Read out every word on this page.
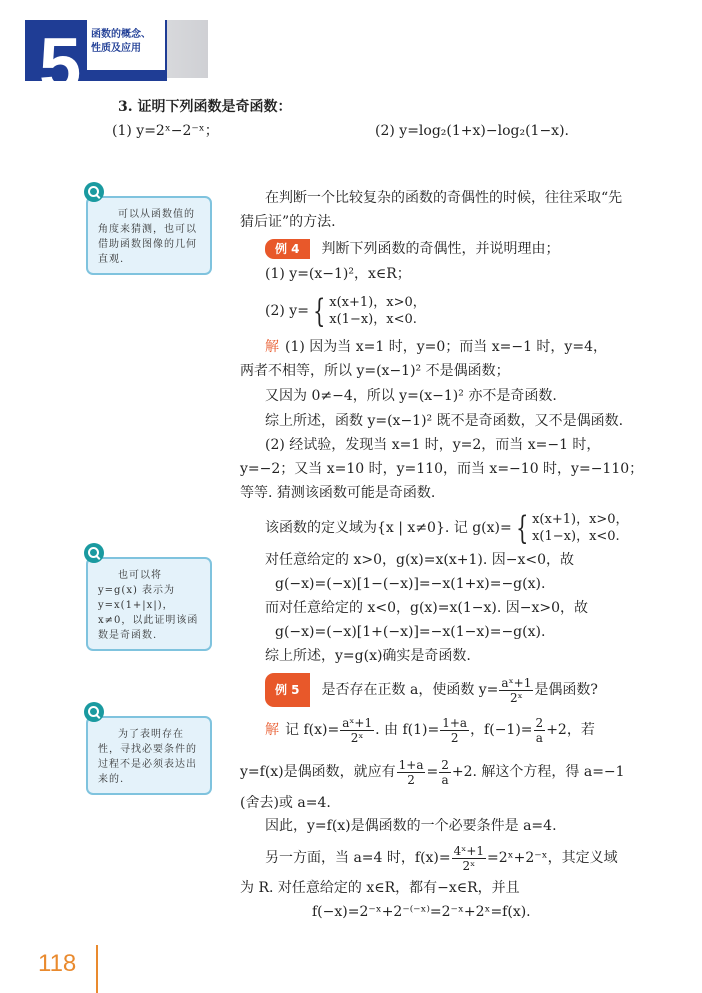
5 函数的概念、
性质及应用
3. 证明下列函数是奇函数：
(1) y=2ˣ−2⁻ˣ；	(2) y=log₂(1+x)−log₂(1−x).
可以从函数值的角度来猜测，也可以借助函数图像的几何直观.
也可以将 y=g(x) 表示为 y=x(1+|x|)，x≠0，以此证明该函数是奇函数.
为了表明存在性，寻找必要条件的过程不是必须表达出来的.
在判断一个比较复杂的函数的奇偶性的时候，往往采取“先
猜后证”的方法.
例 4 判断下列函数的奇偶性，并说明理由；
(1) y=(x−1)²，x∈R；
(2) y= { x(x+1)，x>0，
x(1−x)，x<0.
解 (1) 因为当 x=1 时，y=0；而当 x=−1 时，y=4，
两者不相等，所以 y=(x−1)² 不是偶函数；
又因为 0≠−4，所以 y=(x−1)² 亦不是奇函数.
综上所述，函数 y=(x−1)² 既不是奇函数，又不是偶函数.
(2) 经试验，发现当 x=1 时，y=2，而当 x=−1 时，
y=−2；又当 x=10 时，y=110，而当 x=−10 时，y=−110；
等等. 猜测该函数可能是奇函数.
该函数的定义域为{x | x≠0}. 记 g(x)= { x(x+1)，x>0，
x(1−x)，x<0.
对任意给定的 x>0，g(x)=x(x+1). 因−x<0，故
g(−x)=(−x)[1−(−x)]=−x(1+x)=−g(x).
而对任意给定的 x<0，g(x)=x(1−x). 因−x>0，故
g(−x)=(−x)[1+(−x)]=−x(1−x)=−g(x).
综上所述，y=g(x)确实是奇函数.
例 5 是否存在正数 a，使函数 $y= \frac{\text{aˣ+1}}{\text{2ˣ}}$ 是偶函数?
解 记 $f(x)= \frac{\text{aˣ+1}}{\text{2ˣ}}$ . 由 $f(1)= \frac{1+a}{2}$ ，$f(-1)= \frac{2}{a} +2$，若
y=f(x)是偶函数，就应有 $\frac{1+a}{2} = \frac{2}{a} +2$. 解这个方程，得 a=−1
(舍去)或 a=4.
因此，y=f(x)是偶函数的一个必要条件是 a=4.
另一方面，当 a=4 时，$f(x)= \frac{\text{4ˣ+1}}{\text{2ˣ}}$ =2ˣ+2⁻ˣ，其定义域
为 R. 对任意给定的 x∈R，都有−x∈R，并且
f(−x)=2⁻ˣ+2⁻⁽⁻ˣ⁾=2⁻ˣ+2ˣ=f(x).
118
